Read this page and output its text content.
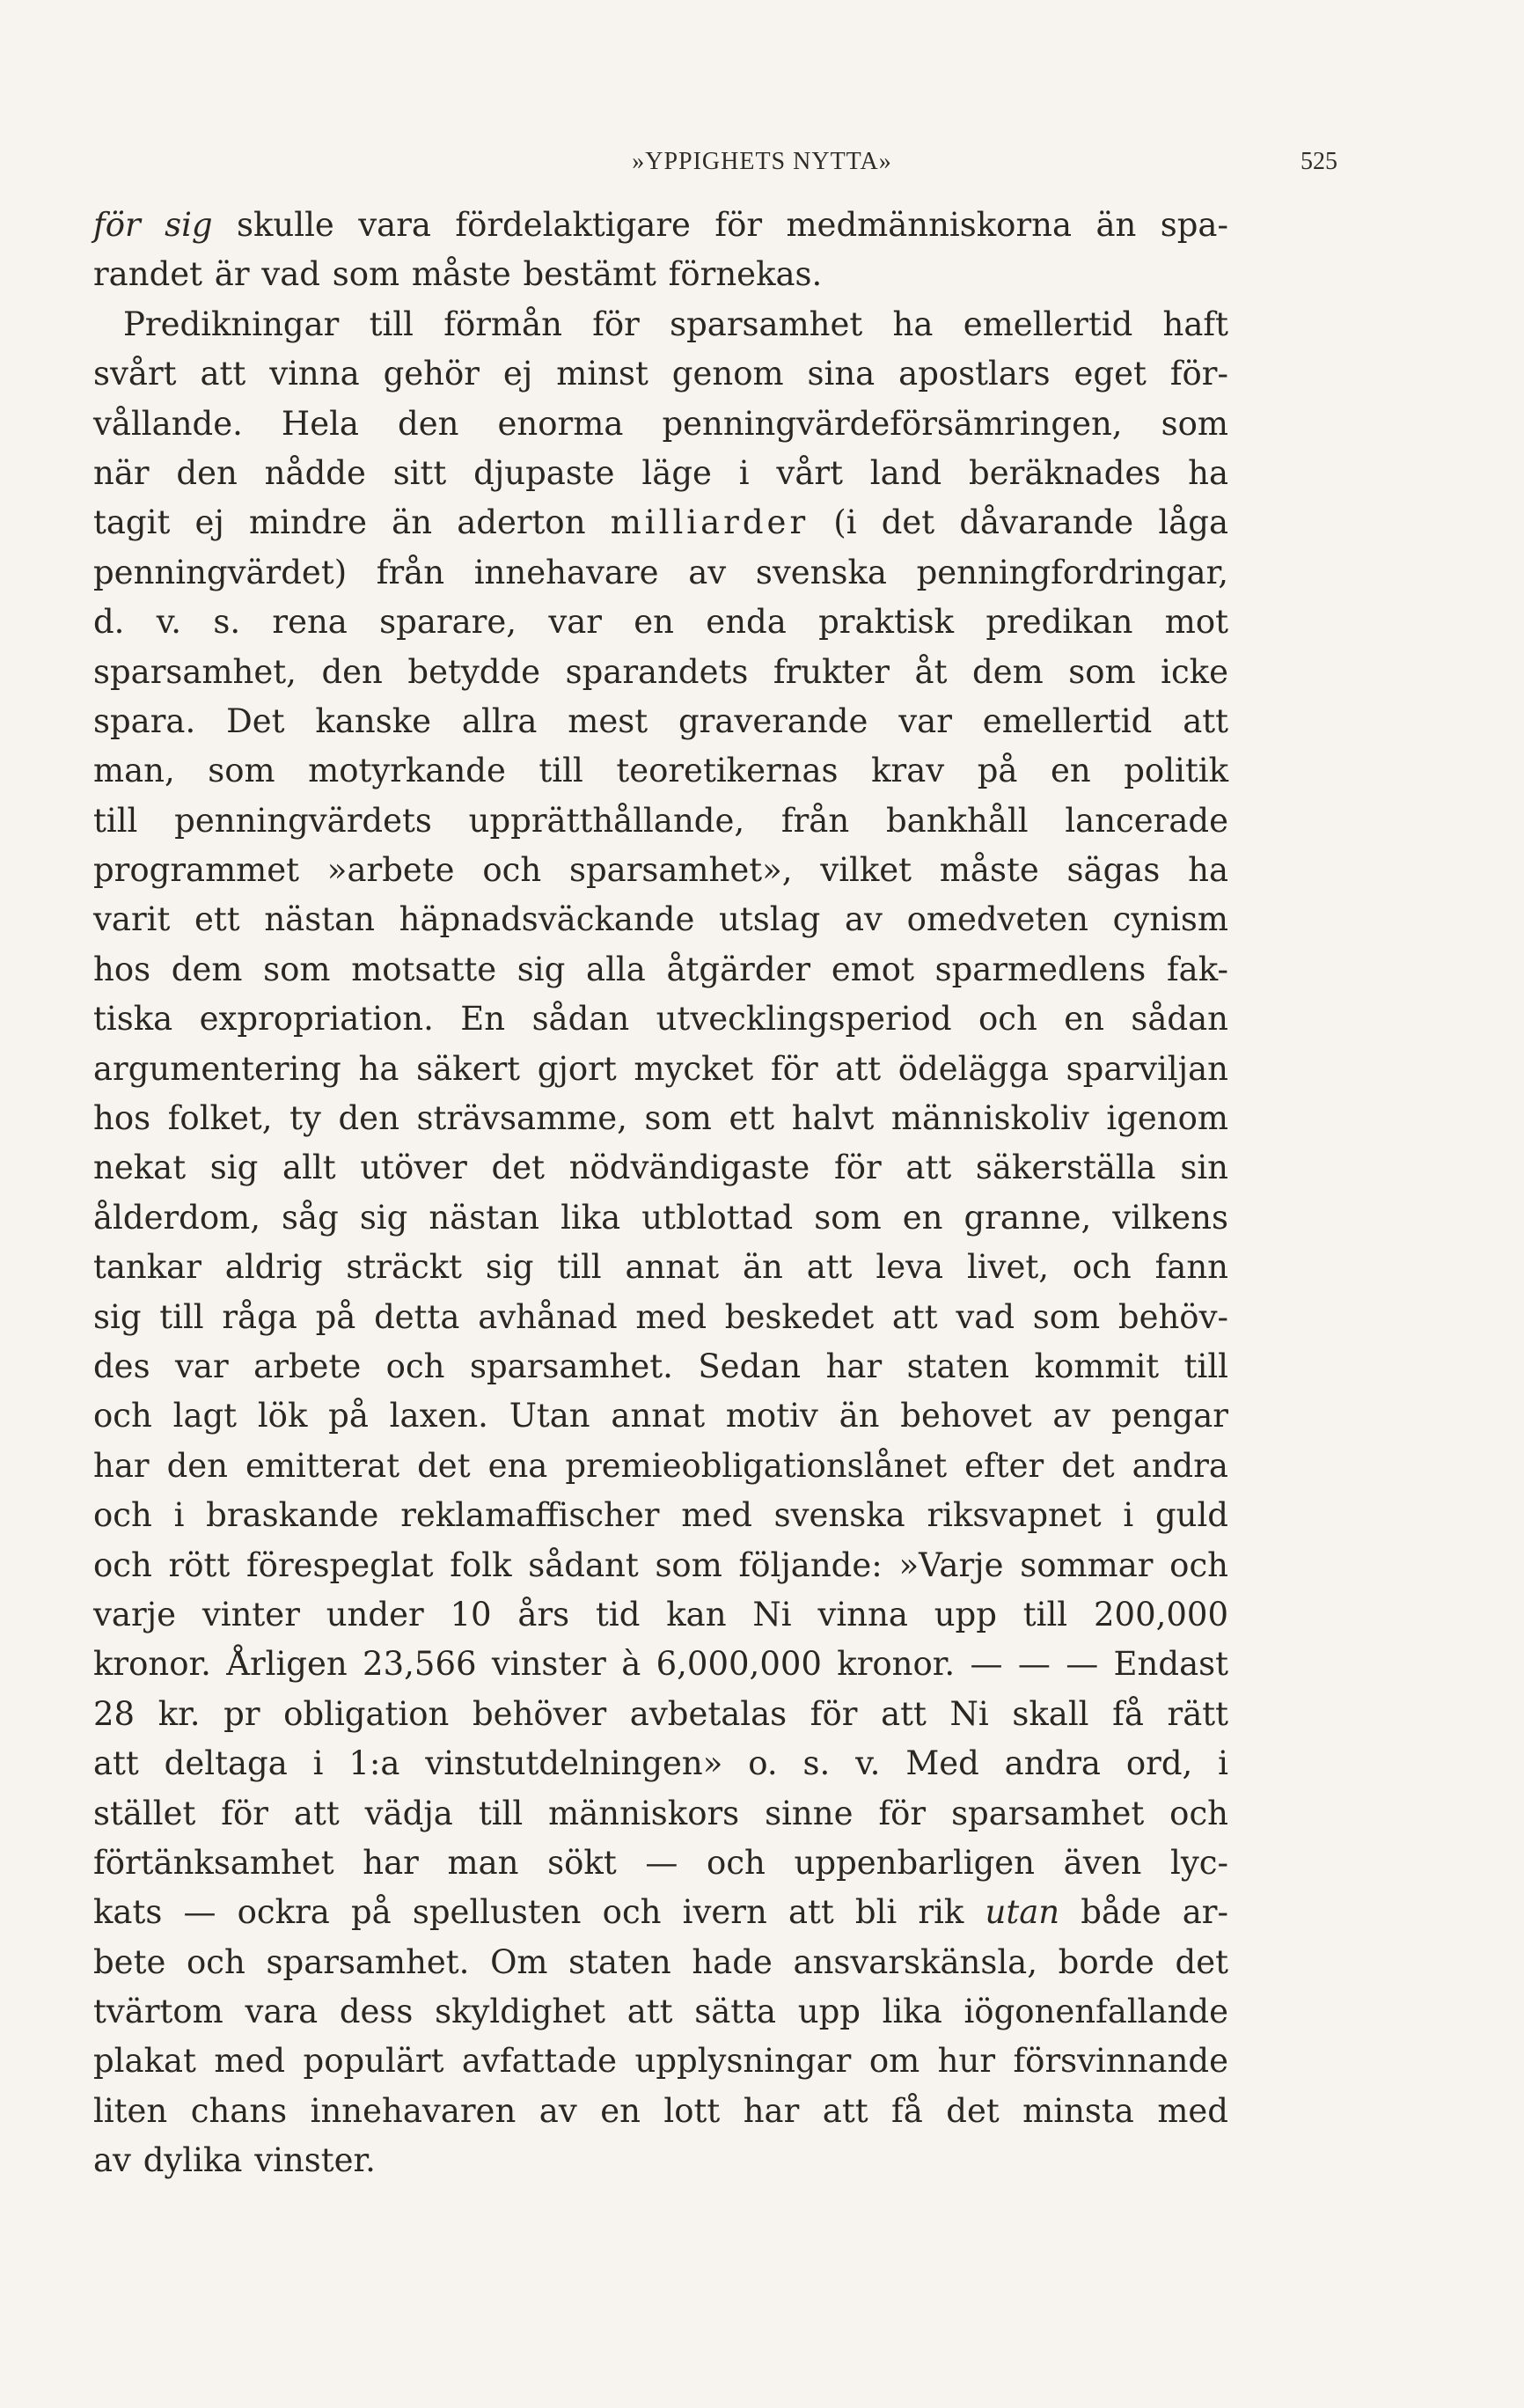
»YPPIGHETS NYTTA»	525
för sig skulle vara fördelaktigare för medmänniskorna än spa-
randet är vad som måste bestämt förnekas.
Predikningar till förmån för sparsamhet ha emellertid haft
svårt att vinna gehör ej minst genom sina apostlars eget för-
vållande. Hela den enorma penningvärdeförsämringen, som
när den nådde sitt djupaste läge i vårt land beräknades ha
tagit ej mindre än aderton milliarder (i det dåvarande låga
penningvärdet) från innehavare av svenska penningfordringar,
d. v. s. rena sparare, var en enda praktisk predikan mot
sparsamhet, den betydde sparandets frukter åt dem som icke
spara. Det kanske allra mest graverande var emellertid att
man, som motyrkande till teoretikernas krav på en politik
till penningvärdets upprätthållande, från bankhåll lancerade
programmet »arbete och sparsamhet», vilket måste sägas ha
varit ett nästan häpnadsväckande utslag av omedveten cynism
hos dem som motsatte sig alla åtgärder emot sparmedlens fak-
tiska expropriation. En sådan utvecklingsperiod och en sådan
argumentering ha säkert gjort mycket för att ödelägga sparviljan
hos folket, ty den strävsamme, som ett halvt människoliv igenom
nekat sig allt utöver det nödvändigaste för att säkerställa sin
ålderdom, såg sig nästan lika utblottad som en granne, vilkens
tankar aldrig sträckt sig till annat än att leva livet, och fann
sig till råga på detta avhånad med beskedet att vad som behöv-
des var arbete och sparsamhet. Sedan har staten kommit till
och lagt lök på laxen. Utan annat motiv än behovet av pengar
har den emitterat det ena premieobligationslånet efter det andra
och i braskande reklamaffischer med svenska riksvapnet i guld
och rött förespeglat folk sådant som följande: »Varje sommar och
varje vinter under 10 års tid kan Ni vinna upp till 200,000
kronor. Årligen 23,566 vinster à 6,000,000 kronor. — — — Endast
28 kr. pr obligation behöver avbetalas för att Ni skall få rätt
att deltaga i 1:a vinstutdelningen» o. s. v. Med andra ord, i
stället för att vädja till människors sinne för sparsamhet och
förtänksamhet har man sökt — och uppenbarligen även lyc-
kats — ockra på spellusten och ivern att bli rik utan både ar-
bete och sparsamhet. Om staten hade ansvarskänsla, borde det
tvärtom vara dess skyldighet att sätta upp lika iögonenfallande
plakat med populärt avfattade upplysningar om hur försvinnande
liten chans innehavaren av en lott har att få det minsta med
av dylika vinster.
